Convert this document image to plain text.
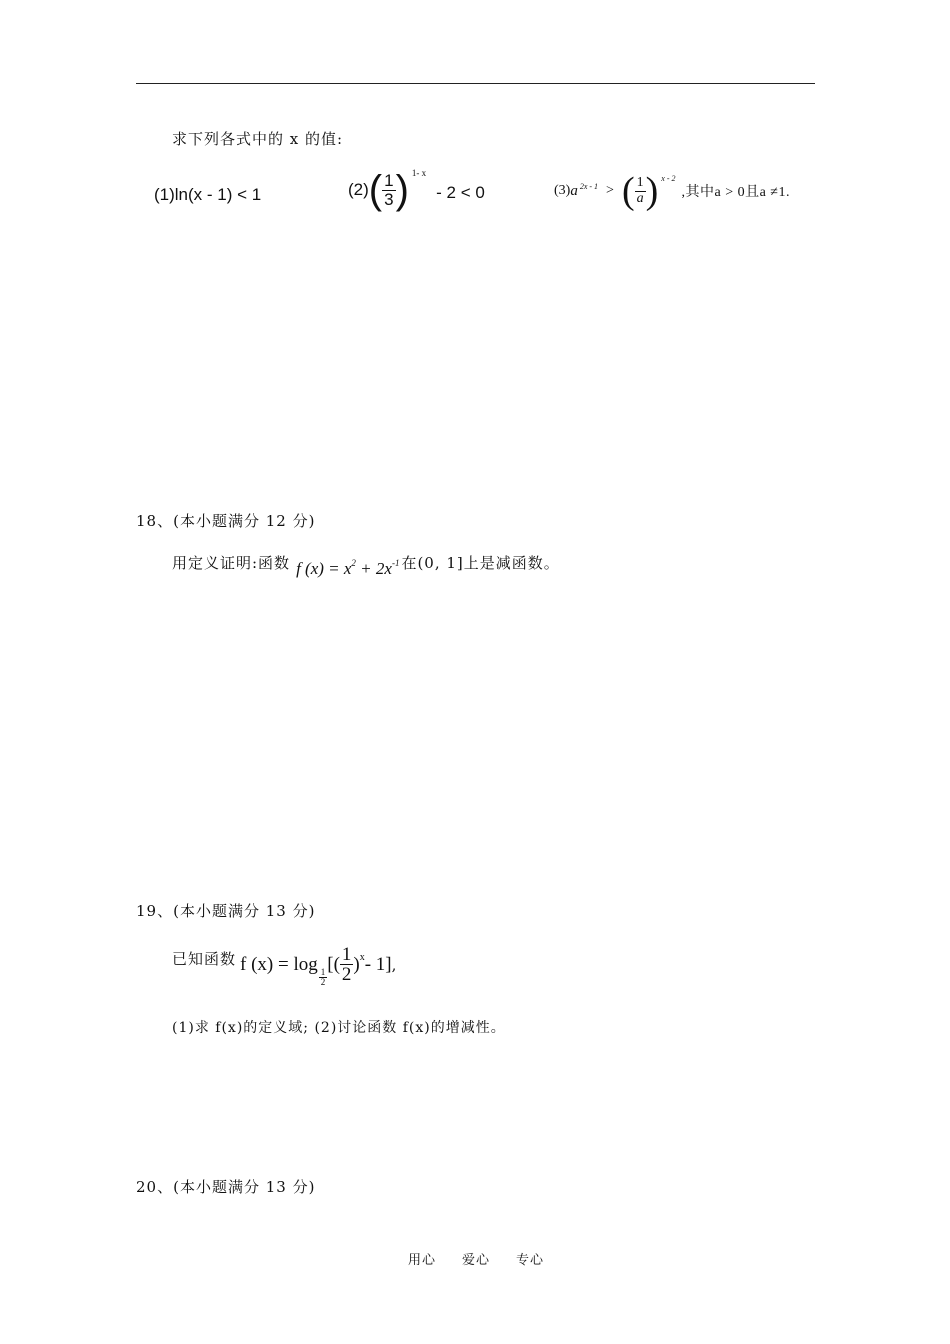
求下列各式中的 x 的值:
(1)ln(x - 1) < 1	(2) ( $\frac{1}{3}$ ) 1- x
- 2 < 0	(3) a 2x - 1 > ( $\frac{1}{a}$ ) x - 2
,其中a > 0且a ≠1.
18、(本小题满分 12 分)
用定义证明:函数 f $(x) = x^2 + 2x^{-1}$ 在(0, 1]上是减函数。
19、(本小题满分 13 分)
已知函数 f (x) = log
$\frac{1}{2}$
[( $\frac{1}{2}$ ) x - 1] ,
(1)求 f(x)的定义域; (2)讨论函数 f(x)的增减性。
20、(本小题满分 13 分)
用心 爱心 专心
